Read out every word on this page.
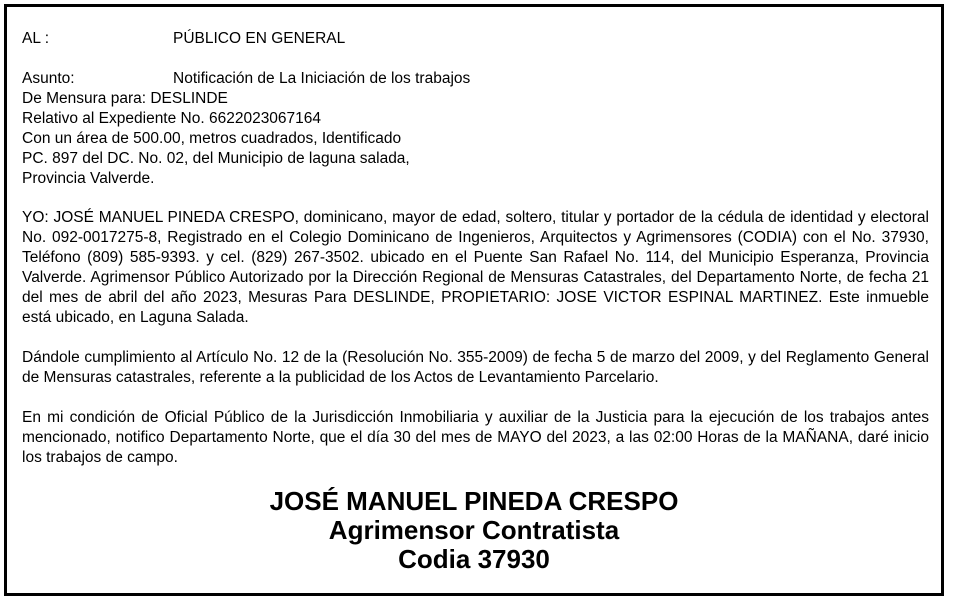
AL :	PÚBLICO EN GENERAL
Asunto:	Notificación de La Iniciación de los trabajos
De Mensura para: DESLINDE
Relativo al Expediente No. 6622023067164
Con un área de 500.00, metros cuadrados, Identificado
PC. 897 del DC. No. 02, del Municipio de laguna salada,
Provincia Valverde.
YO: JOSÉ MANUEL PINEDA CRESPO, dominicano, mayor de edad, soltero, titular y portador de la cédula de identidad y electoral No. 092-0017275-8, Registrado en el Colegio Dominicano de Ingenieros, Arquitectos y Agrimensores (CODIA) con el No. 37930, Teléfono (809) 585-9393. y cel. (829) 267-3502. ubicado en el Puente San Rafael No. 114, del Municipio Esperanza, Provincia Valverde. Agrimensor Público Autorizado por la Dirección Regional de Mensuras Catastrales, del Departamento Norte, de fecha 21 del mes de abril del año 2023, Mesuras Para DESLINDE, PROPIETARIO: JOSE VICTOR ESPINAL MARTINEZ. Este inmueble está ubicado, en Laguna Salada.
Dándole cumplimiento al Artículo No. 12 de la (Resolución No. 355-2009) de fecha 5 de marzo del 2009, y del Reglamento General de Mensuras catastrales, referente a la publicidad de los Actos de Levantamiento Parcelario.
En mi condición de Oficial Público de la Jurisdicción Inmobiliaria y auxiliar de la Justicia para la ejecución de los trabajos antes mencionado, notifico Departamento Norte, que el día 30 del mes de MAYO del 2023, a las 02:00 Horas de la MAÑANA, daré inicio los trabajos de campo.
JOSÉ MANUEL PINEDA CRESPO
Agrimensor Contratista
Codia 37930
